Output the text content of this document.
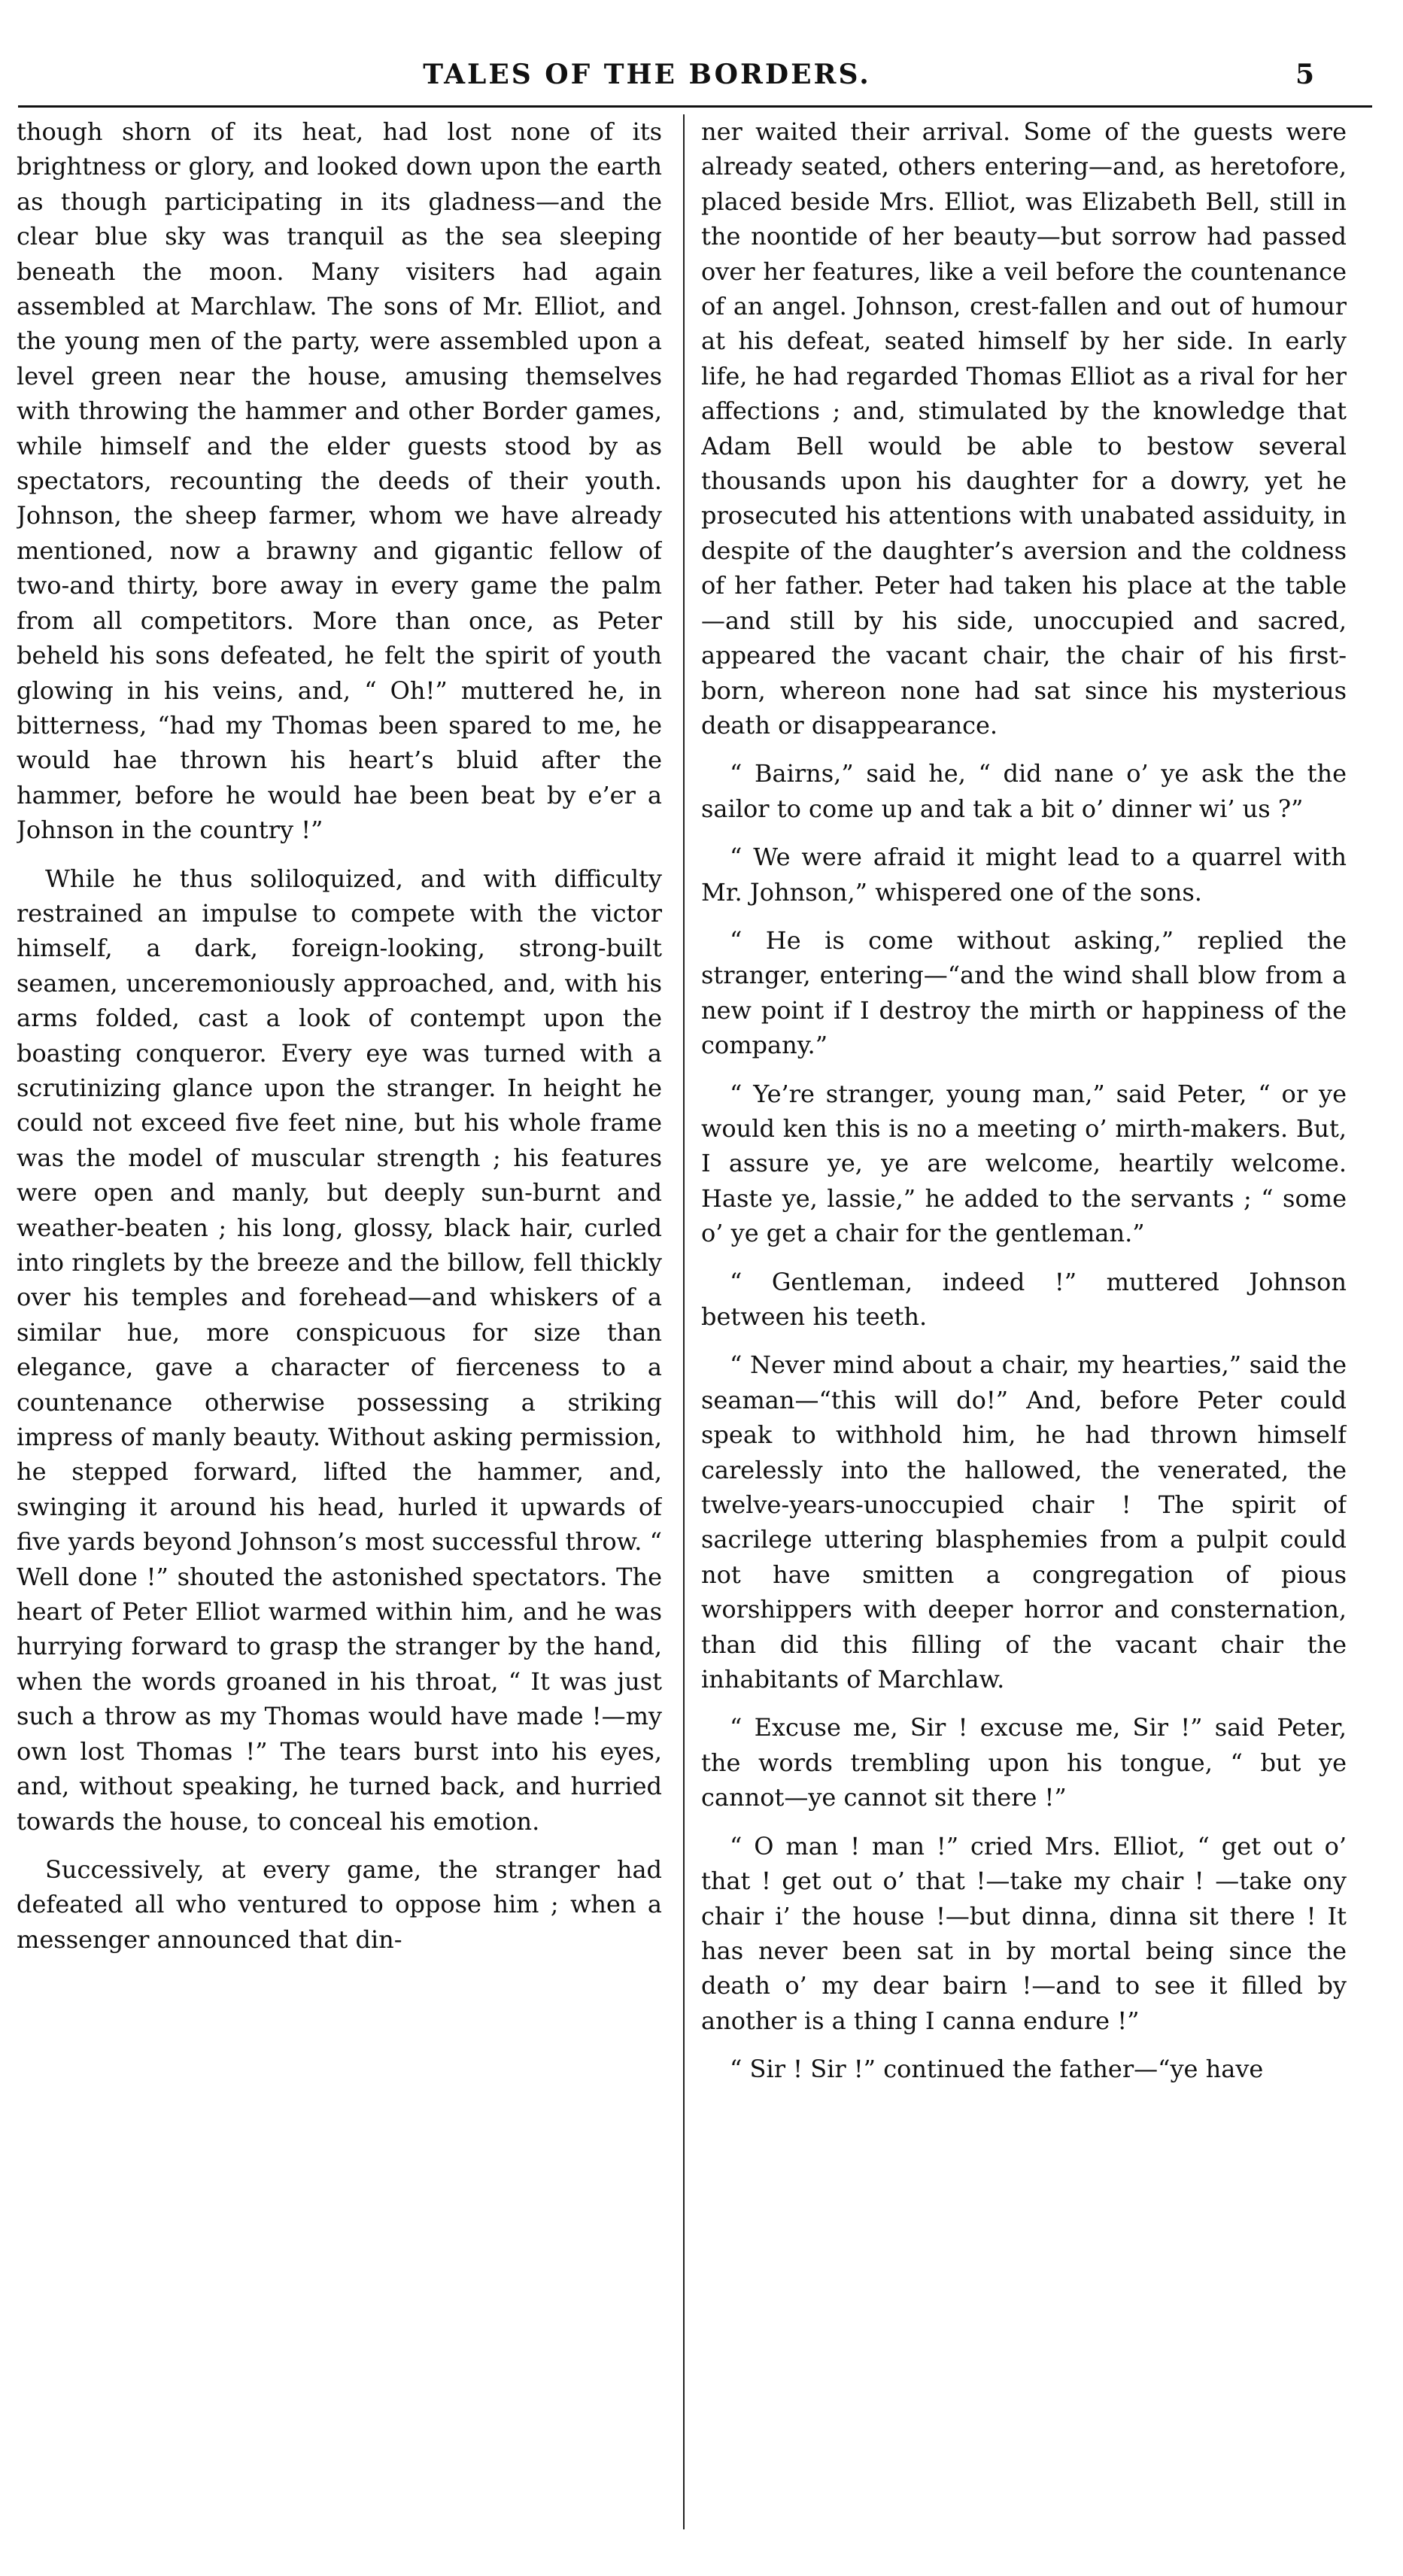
TALES OF THE BORDERS.	5

though shorn of its heat, had lost none of its brightness or glory, and looked down upon the earth as though participating in its gladness—and the clear blue sky was tranquil as the sea sleeping beneath the moon. Many visiters had again assembled at Marchlaw. The sons of Mr. Elliot, and the young men of the party, were assembled upon a level green near the house, amusing themselves with throwing the hammer and other Border games, while himself and the elder guests stood by as spectators, recounting the deeds of their youth. Johnson, the sheep farmer, whom we have already mentioned, now a brawny and gigantic fellow of two-and thirty, bore away in every game the palm from all competitors. More than once, as Peter beheld his sons defeated, he felt the spirit of youth glowing in his veins, and, “ Oh!” muttered he, in bitterness, “had my Thomas been spared to me, he would hae thrown his heart’s bluid after the hammer, before he would hae been beat by e’er a Johnson in the country !”

While he thus soliloquized, and with difficulty restrained an impulse to compete with the victor himself, a dark, foreign-looking, strong-built seamen, unceremoniously approached, and, with his arms folded, cast a look of contempt upon the boasting conqueror. Every eye was turned with a scrutinizing glance upon the stranger. In height he could not exceed five feet nine, but his whole frame was the model of muscular strength ; his features were open and manly, but deeply sun-burnt and weather-beaten ; his long, glossy, black hair, curled into ringlets by the breeze and the billow, fell thickly over his temples and forehead—and whiskers of a similar hue, more conspicuous for size than elegance, gave a character of fierceness to a countenance otherwise possessing a striking impress of manly beauty. Without asking permission, he stepped forward, lifted the hammer, and, swinging it around his head, hurled it upwards of five yards beyond Johnson’s most successful throw. “ Well done !” shouted the astonished spectators. The heart of Peter Elliot warmed within him, and he was hurrying forward to grasp the stranger by the hand, when the words groaned in his throat, “ It was just such a throw as my Thomas would have made !—my own lost Thomas !” The tears burst into his eyes, and, without speaking, he turned back, and hurried towards the house, to conceal his emotion.

Successively, at every game, the stranger had defeated all who ventured to oppose him ; when a messenger announced that din-

ner waited their arrival. Some of the guests were already seated, others entering—and, as heretofore, placed beside Mrs. Elliot, was Elizabeth Bell, still in the noontide of her beauty—but sorrow had passed over her features, like a veil before the countenance of an angel. Johnson, crest-fallen and out of humour at his defeat, seated himself by her side. In early life, he had regarded Thomas Elliot as a rival for her affections ; and, stimulated by the knowledge that Adam Bell would be able to bestow several thousands upon his daughter for a dowry, yet he prosecuted his attentions with unabated assiduity, in despite of the daughter’s aversion and the coldness of her father. Peter had taken his place at the table—and still by his side, unoccupied and sacred, appeared the vacant chair, the chair of his first-born, whereon none had sat since his mysterious death or disappearance.

“ Bairns,” said he, “ did nane o’ ye ask the the sailor to come up and tak a bit o’ dinner wi’ us ?”

“ We were afraid it might lead to a quarrel with Mr. Johnson,” whispered one of the sons.

“ He is come without asking,” replied the stranger, entering—“and the wind shall blow from a new point if I destroy the mirth or happiness of the company.”

“ Ye’re stranger, young man,” said Peter, “ or ye would ken this is no a meeting o’ mirth-makers. But, I assure ye, ye are welcome, heartily welcome. Haste ye, lassie,” he added to the servants ; “ some o’ ye get a chair for the gentleman.”

“ Gentleman, indeed !” muttered Johnson between his teeth.

“ Never mind about a chair, my hearties,” said the seaman—“this will do!” And, before Peter could speak to withhold him, he had thrown himself carelessly into the hallowed, the venerated, the twelve-years-unoccupied chair ! The spirit of sacrilege uttering blasphemies from a pulpit could not have smitten a congregation of pious worshippers with deeper horror and consternation, than did this filling of the vacant chair the inhabitants of Marchlaw.

“ Excuse me, Sir ! excuse me, Sir !” said Peter, the words trembling upon his tongue, “ but ye cannot—ye cannot sit there !”

“ O man ! man !” cried Mrs. Elliot, “ get out o’ that ! get out o’ that !—take my chair ! —take ony chair i’ the house !—but dinna, dinna sit there ! It has never been sat in by mortal being since the death o’ my dear bairn !—and to see it filled by another is a thing I canna endure !”

“ Sir ! Sir !” continued the father—“ye have
